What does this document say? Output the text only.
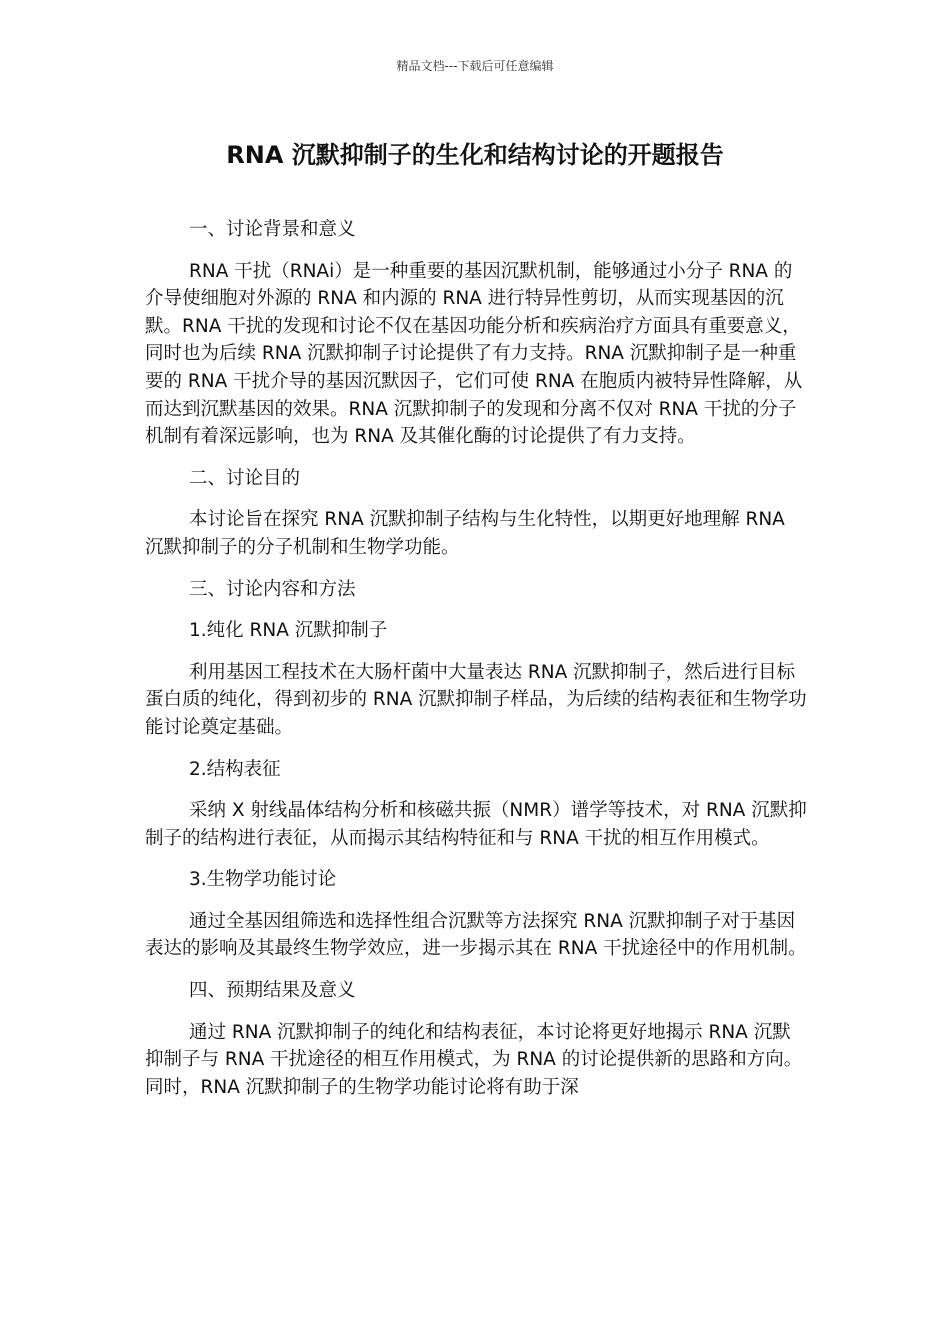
精品文档---下载后可任意编辑
RNA 沉默抑制子的生化和结构讨论的开题报告
一、讨论背景和意义
RNA 干扰（RNAi）是一种重要的基因沉默机制，能够通过小分子 RNA 的介导使细胞对外源的 RNA 和内源的 RNA 进行特异性剪切，从而实现基因的沉默。RNA 干扰的发现和讨论不仅在基因功能分析和疾病治疗方面具有重要意义，同时也为后续 RNA 沉默抑制子讨论提供了有力支持。RNA 沉默抑制子是一种重要的 RNA 干扰介导的基因沉默因子，它们可使 RNA 在胞质内被特异性降解，从而达到沉默基因的效果。RNA 沉默抑制子的发现和分离不仅对 RNA 干扰的分子机制有着深远影响，也为 RNA 及其催化酶的讨论提供了有力支持。
二、讨论目的
本讨论旨在探究 RNA 沉默抑制子结构与生化特性，以期更好地理解 RNA 沉默抑制子的分子机制和生物学功能。
三、讨论内容和方法
1.纯化 RNA 沉默抑制子
利用基因工程技术在大肠杆菌中大量表达 RNA 沉默抑制子，然后进行目标蛋白质的纯化，得到初步的 RNA 沉默抑制子样品，为后续的结构表征和生物学功能讨论奠定基础。
2.结构表征
采纳 X 射线晶体结构分析和核磁共振（NMR）谱学等技术，对 RNA 沉默抑制子的结构进行表征，从而揭示其结构特征和与 RNA 干扰的相互作用模式。
3.生物学功能讨论
通过全基因组筛选和选择性组合沉默等方法探究 RNA 沉默抑制子对于基因表达的影响及其最终生物学效应，进一步揭示其在 RNA 干扰途径中的作用机制。
四、预期结果及意义
通过 RNA 沉默抑制子的纯化和结构表征，本讨论将更好地揭示 RNA 沉默抑制子与 RNA 干扰途径的相互作用模式，为 RNA 的讨论提供新的思路和方向。同时，RNA 沉默抑制子的生物学功能讨论将有助于深
